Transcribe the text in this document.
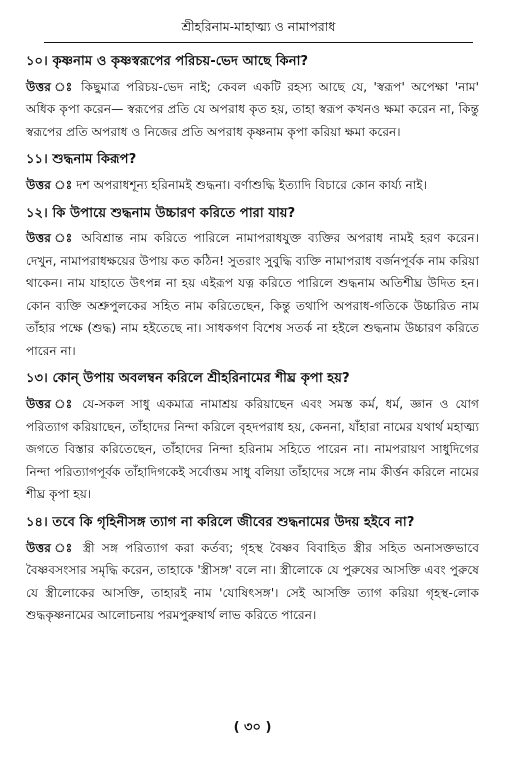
শ্রীহরিনাম-মাহাত্ম্য ও নামাপরাধ
১০। কৃষ্ণনাম ও কৃষ্ণস্বরূপের পরিচয়-ভেদ আছে কিনা?

উত্তর ঃ কিছুমাত্র পরিচয়-ভেদ নাই; কেবল একটি রহস্য আছে যে, 'স্বরূপ' অপেক্ষা 'নাম' অধিক কৃপা করেন— স্বরূপের প্রতি যে অপরাধ কৃত হয়, তাহা স্বরূপ কখনও ক্ষমা করেন না, কিন্তু স্বরূপের প্রতি অপরাধ ও নিজের প্রতি অপরাধ কৃষ্ণনাম কৃপা করিয়া ক্ষমা করেন।

১১। শুদ্ধনাম কিরূপ?

উত্তর ঃ দশ অপরাধশূন্য হরিনামই শুদ্ধনা। বর্ণাশুদ্ধি ইত্যাদি বিচারে কোন কার্য্য নাই।

১২। কি উপায়ে শুদ্ধনাম উচ্চারণ করিতে পারা যায়?

উত্তর ঃ অবিশ্রান্ত নাম করিতে পারিলে নামাপরাধযুক্ত ব্যক্তির অপরাধ নামই হরণ করেন। দেখুন, নামাপরাধক্ষয়ের উপায় কত কঠিন! সুতরাং সুবুদ্ধি ব্যক্তি নামাপরাধ বর্জনপূর্বক নাম করিয়া থাকেন। নাম যাহাতে উৎপন্ন না হয় এইরূপ যত্ন করিতে পারিলে শুদ্ধনাম অতিশীঘ্র উদিত হন। কোন ব্যক্তি অশ্রুপুলকের সহিত নাম করিতেছেন, কিন্তু তথাপি অপরাধ-গতিকে উচ্চারিত নাম তাঁহার পক্ষে (শুদ্ধ) নাম হইতেছে না। সাধকগণ বিশেষ সতর্ক না হইলে শুদ্ধনাম উচ্চারণ করিতে পারেন না।

১৩। কোন্ উপায় অবলম্বন করিলে শ্রীহরিনামের শীঘ্র কৃপা হয়?

উত্তর ঃ যে-সকল সাধু একমাত্র নামাশ্রয় করিয়াছেন এবং সমস্ত কর্ম, ধর্ম, জ্ঞান ও যোগ পরিত্যাগ করিয়াছেন, তাঁহাদের নিন্দা করিলে বৃহদপরাধ হয়, কেননা, যাঁহারা নামের যথার্থ মহাত্ম্য জগতে বিস্তার করিতেছেন, তাঁহাদের নিন্দা হরিনাম সহিতে পারেন না। নামপরায়ণ সাধুদিগের নিন্দা পরিত্যাগপূর্বক তাঁহাদিগকেই সর্বোত্তম সাধু বলিয়া তাঁহাদের সঙ্গে নাম কীর্ত্তন করিলে নামের শীঘ্র কৃপা হয়।

১৪। তবে কি গৃহিনীসঙ্গ ত্যাগ না করিলে জীবের শুদ্ধনামের উদয় হইবে না?

উত্তর ঃ স্ত্রী সঙ্গ পরিত্যাগ করা কর্তব্য; গৃহস্থ বৈষ্ণব বিবাহিত স্ত্রীর সহিত অনাসক্তভাবে বৈষ্ণবসংসার সমৃদ্ধি করেন, তাহাকে 'স্ত্রীসঙ্গ' বলে না। স্ত্রীলোকে যে পুরুষের আসক্তি এবং পুরুষে যে স্ত্রীলোকের আসক্তি, তাহারই নাম 'যোষিৎসঙ্গ'। সেই আসক্তি ত্যাগ করিয়া গৃহস্থ-লোক শুদ্ধকৃষ্ণনামের আলোচনায় পরমপুরুষার্থ লাভ করিতে পারেন।

( ৩০ )
